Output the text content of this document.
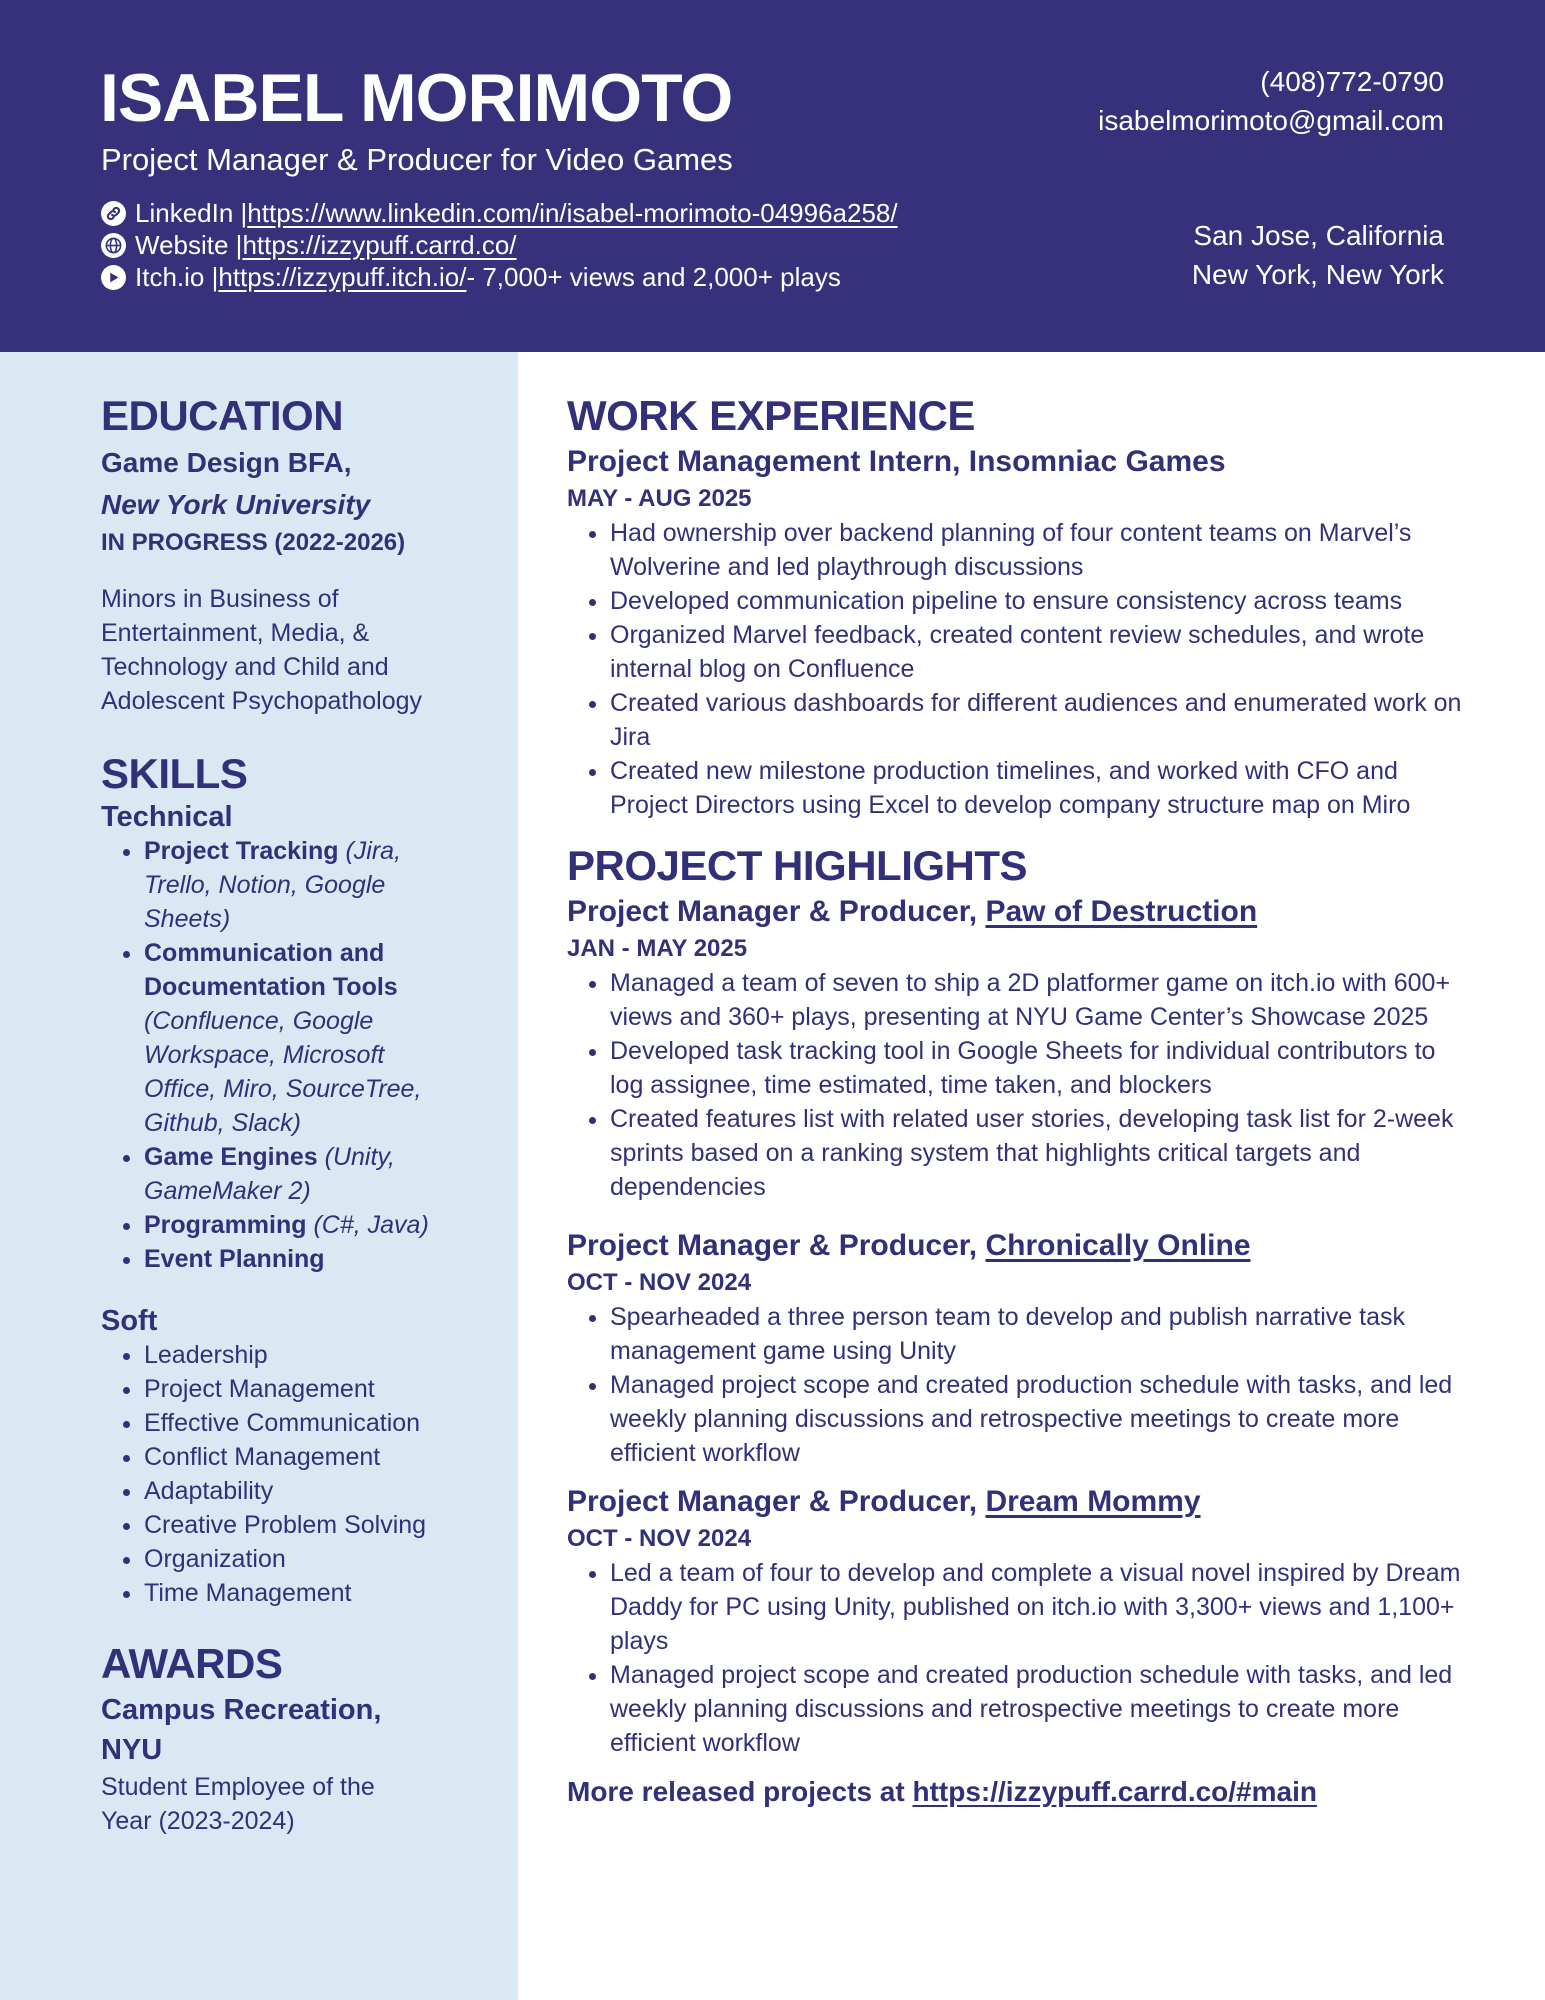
ISABEL MORIMOTO
Project Manager & Producer for Video Games
LinkedIn | https://www.linkedin.com/in/isabel-morimoto-04996a258/
Website | https://izzypuff.carrd.co/
Itch.io | https://izzypuff.itch.io/ - 7,000+ views and 2,000+ plays
(408)772-0790
isabelmorimoto@gmail.com
San Jose, California
New York, New York
EDUCATION
Game Design BFA,
New York University
IN PROGRESS (2022-2026)
Minors in Business of Entertainment, Media, & Technology and Child and Adolescent Psychopathology
SKILLS
Technical
• Project Tracking (Jira, Trello, Notion, Google Sheets)
• Communication and Documentation Tools (Confluence, Google Workspace, Microsoft Office, Miro, SourceTree, Github, Slack)
• Game Engines (Unity, GameMaker 2)
• Programming (C#, Java)
• Event Planning
Soft
• Leadership
• Project Management
• Effective Communication
• Conflict Management
• Adaptability
• Creative Problem Solving
• Organization
• Time Management
AWARDS
Campus Recreation, NYU
Student Employee of the Year (2023-2024)
WORK EXPERIENCE
Project Management Intern, Insomniac Games
MAY - AUG 2025
• Had ownership over backend planning of four content teams on Marvel’s Wolverine and led playthrough discussions
• Developed communication pipeline to ensure consistency across teams
• Organized Marvel feedback, created content review schedules, and wrote internal blog on Confluence
• Created various dashboards for different audiences and enumerated work on Jira
• Created new milestone production timelines, and worked with CFO and Project Directors using Excel to develop company structure map on Miro
PROJECT HIGHLIGHTS
Project Manager & Producer, Paw of Destruction
JAN - MAY 2025
• Managed a team of seven to ship a 2D platformer game on itch.io with 600+ views and 360+ plays, presenting at NYU Game Center’s Showcase 2025
• Developed task tracking tool in Google Sheets for individual contributors to log assignee, time estimated, time taken, and blockers
• Created features list with related user stories, developing task list for 2-week sprints based on a ranking system that highlights critical targets and dependencies
Project Manager & Producer, Chronically Online
OCT - NOV 2024
• Spearheaded a three person team to develop and publish narrative task management game using Unity
• Managed project scope and created production schedule with tasks, and led weekly planning discussions and retrospective meetings to create more efficient workflow
Project Manager & Producer, Dream Mommy
OCT - NOV 2024
• Led a team of four to develop and complete a visual novel inspired by Dream Daddy for PC using Unity, published on itch.io with 3,300+ views and 1,100+ plays
• Managed project scope and created production schedule with tasks, and led weekly planning discussions and retrospective meetings to create more efficient workflow
More released projects at https://izzypuff.carrd.co/#main
